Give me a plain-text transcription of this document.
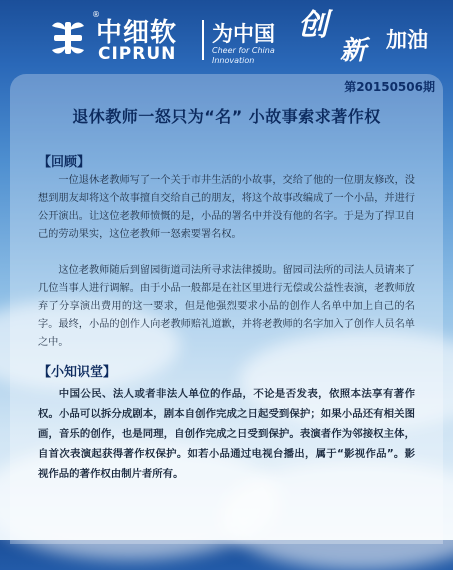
®
中细软
CIPRUN
为中国
Cheer for China
Innovation
创
新 加油
第20150506期
退休教师一怒只为“名” 小故事索求著作权
【回顾】

一位退休老教师写了一个关于市井生活的小故事，交给了他的一位朋友修改，没想到朋友却将这个故事擅自交给自己的朋友，将这个故事改编成了一个小品，并进行公开演出。让这位老教师愤慨的是，小品的署名中并没有他的名字。于是为了捍卫自己的劳动果实，这位老教师一怒索要署名权。

这位老教师随后到留园街道司法所寻求法律援助。留园司法所的司法人员请来了几位当事人进行调解。由于小品一般都是在社区里进行无偿或公益性表演，老教师放弃了分享演出费用的这一要求，但是他强烈要求小品的创作人名单中加上自己的名字。最终，小品的创作人向老教师赔礼道歉，并将老教师的名字加入了创作人员名单之中。

【小知识堂】

中国公民、法人或者非法人单位的作品，不论是否发表，依照本法享有著作权。小品可以拆分成剧本，剧本自创作完成之日起受到保护；如果小品还有相关图画，音乐的创作，也是同理，自创作完成之日受到保护。表演者作为邻接权主体，自首次表演起获得著作权保护。如若小品通过电视台播出，属于“影视作品”。影视作品的著作权由制片者所有。
